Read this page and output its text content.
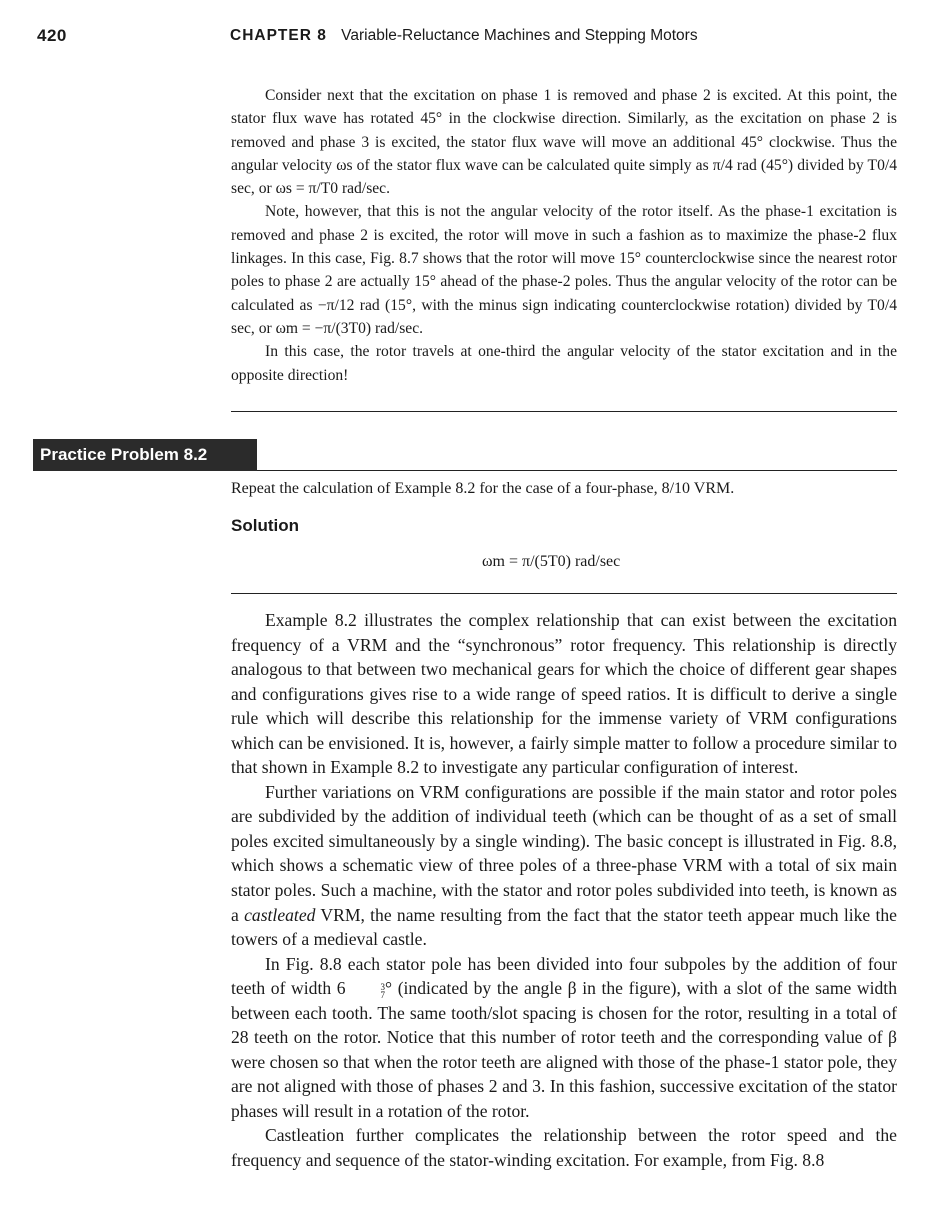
420	CHAPTER 8 Variable-Reluctance Machines and Stepping Motors

Consider next that the excitation on phase 1 is removed and phase 2 is excited. At this point, the stator flux wave has rotated 45° in the clockwise direction. Similarly, as the excitation on phase 2 is removed and phase 3 is excited, the stator flux wave will move an additional 45° clockwise. Thus the angular velocity ωs of the stator flux wave can be calculated quite simply as π/4 rad (45°) divided by T0/4 sec, or ωs = π/T0 rad/sec.

Note, however, that this is not the angular velocity of the rotor itself. As the phase-1 excitation is removed and phase 2 is excited, the rotor will move in such a fashion as to maximize the phase-2 flux linkages. In this case, Fig. 8.7 shows that the rotor will move 15° counterclockwise since the nearest rotor poles to phase 2 are actually 15° ahead of the phase-2 poles. Thus the angular velocity of the rotor can be calculated as −π/12 rad (15°, with the minus sign indicating counterclockwise rotation) divided by T0/4 sec, or ωm = −π/(3T0) rad/sec.

In this case, the rotor travels at one-third the angular velocity of the stator excitation and in the opposite direction!

Practice Problem 8.2
Repeat the calculation of Example 8.2 for the case of a four-phase, 8/10 VRM.
Solution
ωm = π/(5T0) rad/sec

Example 8.2 illustrates the complex relationship that can exist between the excitation frequency of a VRM and the “synchronous” rotor frequency. This relationship is directly analogous to that between two mechanical gears for which the choice of different gear shapes and configurations gives rise to a wide range of speed ratios. It is difficult to derive a single rule which will describe this relationship for the immense variety of VRM configurations which can be envisioned. It is, however, a fairly simple matter to follow a procedure similar to that shown in Example 8.2 to investigate any particular configuration of interest.

Further variations on VRM configurations are possible if the main stator and rotor poles are subdivided by the addition of individual teeth (which can be thought of as a set of small poles excited simultaneously by a single winding). The basic concept is illustrated in Fig. 8.8, which shows a schematic view of three poles of a three-phase VRM with a total of six main stator poles. Such a machine, with the stator and rotor poles subdivided into teeth, is known as a castleated VRM, the name resulting from the fact that the stator teeth appear much like the towers of a medieval castle.

In Fig. 8.8 each stator pole has been divided into four subpoles by the addition of four teeth of width 6	3
7 ° (indicated by the angle β in the figure), with a slot of the same width between each tooth. The same tooth/slot spacing is chosen for the rotor, resulting in a total of 28 teeth on the rotor. Notice that this number of rotor teeth and the corresponding value of β were chosen so that when the rotor teeth are aligned with those of the phase-1 stator pole, they are not aligned with those of phases 2 and 3. In this fashion, successive excitation of the stator phases will result in a rotation of the rotor.

Castleation further complicates the relationship between the rotor speed and the frequency and sequence of the stator-winding excitation. For example, from Fig. 8.8
